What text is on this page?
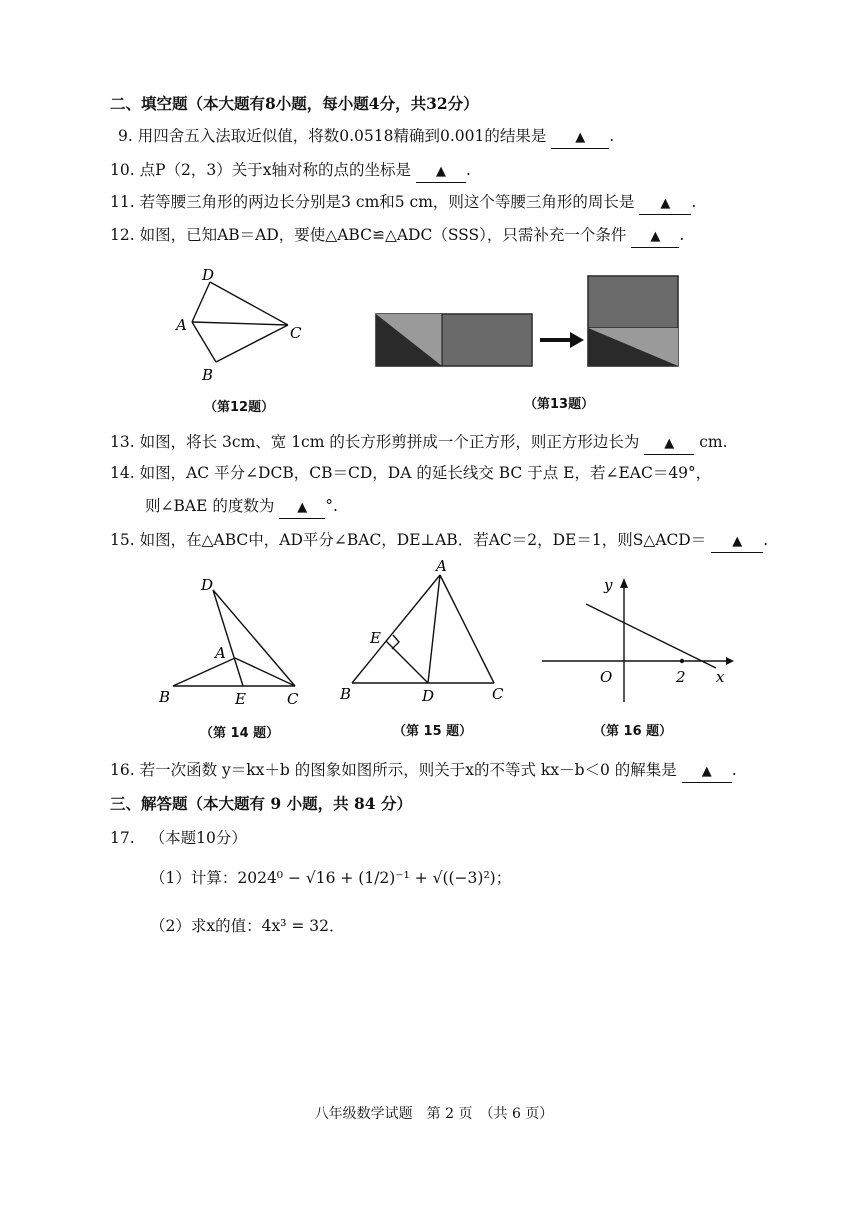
二、填空题（本大题有8小题，每小题4分，共32分）
9. 用四舍五入法取近似值，将数0.0518精确到0.001的结果是 ▲ .
10. 点P（2，3）关于x轴对称的点的坐标是 ▲ .
11. 若等腰三角形的两边长分别是3 cm和5 cm，则这个等腰三角形的周长是 ▲ .
12. 如图，已知AB＝AD，要使△ABC≌△ADC（SSS），只需补充一个条件 ▲ .
D
A	C
B
（第12题）	（第13题）
13. 如图，将长 3cm、宽 1cm 的长方形剪拼成一个正方形，则正方形边长为 ▲ cm.
14. 如图，AC 平分∠DCB，CB＝CD，DA 的延长线交 BC 于点 E，若∠EAC＝49°，
则∠BAE 的度数为 ▲ °.
15. 如图，在△ABC中，AD平分∠BAC，DE⊥AB．若AC＝2，DE＝1，则S△ACD＝ ▲ .
D
A
B	E	C
（第 14 题）
A
E
B	D	C
（第 15 题）
y
O	2 x
（第 16 题）
16. 若一次函数 y＝kx＋b 的图象如图所示，则关于x的不等式 kx－b＜0 的解集是 ▲ .
三、解答题（本大题有 9 小题，共 84 分）
17. （本题10分）
（1）计算：2024⁰ − √16 + (1/2)⁻¹ + √((−3)²)；
（2）求x的值：4x³ = 32．
八年级数学试题　第 2 页　（共 6 页）
